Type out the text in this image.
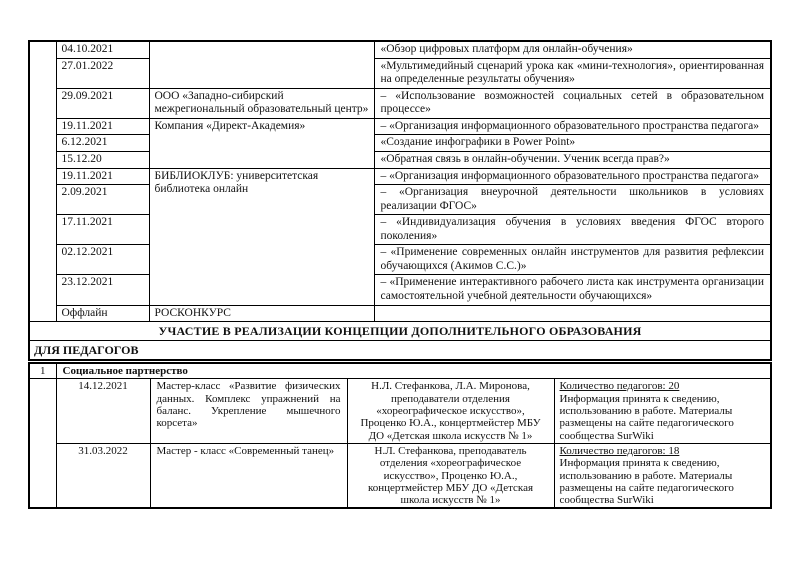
	04.10.2021		«Обзор цифровых платформ для онлайн-обучения»
	27.01.2022		«Мультимедийный сценарий урока как «мини-технология», ориентированная на определенные результаты обучения»
	29.09.2021	ООО «Западно-сибирский межрегиональный образовательный центр»	– «Использование возможностей социальных сетей в образовательном процессе»
	19.11.2021	Компания «Директ-Академия»	– «Организация информационного образовательного пространства педагога»
	6.12.2021		«Создание инфографики в Power Point»
	15.12.20		«Обратная связь в онлайн-обучении. Ученик всегда прав?»
	19.11.2021	БИБЛИОКЛУБ: университетская библиотека онлайн	– «Организация информационного образовательного пространства педагога»
	2.09.2021		– «Организация внеурочной деятельности школьников в условиях реализации ФГОС»
	17.11.2021		– «Индивидуализация обучения в условиях введения ФГОС второго поколения»
	02.12.2021		– «Применение современных онлайн инструментов для развития рефлексии обучающихся (Акимов С.С.)»
	23.12.2021		– «Применение интерактивного рабочего листа как инструмента организации самостоятельной учебной деятельности обучающихся»
	Оффлайн	РОСКОНКУРС	
УЧАСТИЕ В РЕАЛИЗАЦИИ КОНЦЕПЦИИ ДОПОЛНИТЕЛЬНОГО ОБРАЗОВАНИЯ			
ДЛЯ ПЕДАГОГОВ			
1	Социальное партнерство			
	14.12.2021	Мастер-класс «Развитие физических данных. Комплекс упражнений на баланс. Укрепление мышечного корсета»	Н.Л. Стефанкова, Л.А. Миронова, преподаватели отделения «хореографическое искусство», Проценко Ю.А., концертмейстер МБУ ДО «Детская школа искусств № 1»	Количество педагогов: 20
Информация принята к сведению, использованию в работе. Материалы размещены на сайте педагогического сообщества SurWiki

	31.03.2022	Мастер - класс «Современный танец»	Н.Л. Стефанкова, преподаватель отделения «хореографическое искусство», Проценко Ю.А., концертмейстер МБУ ДО «Детская школа искусств № 1»	Количество педагогов: 18
Информация принята к сведению, использованию в работе. Материалы размещены на сайте педагогического сообщества SurWiki
